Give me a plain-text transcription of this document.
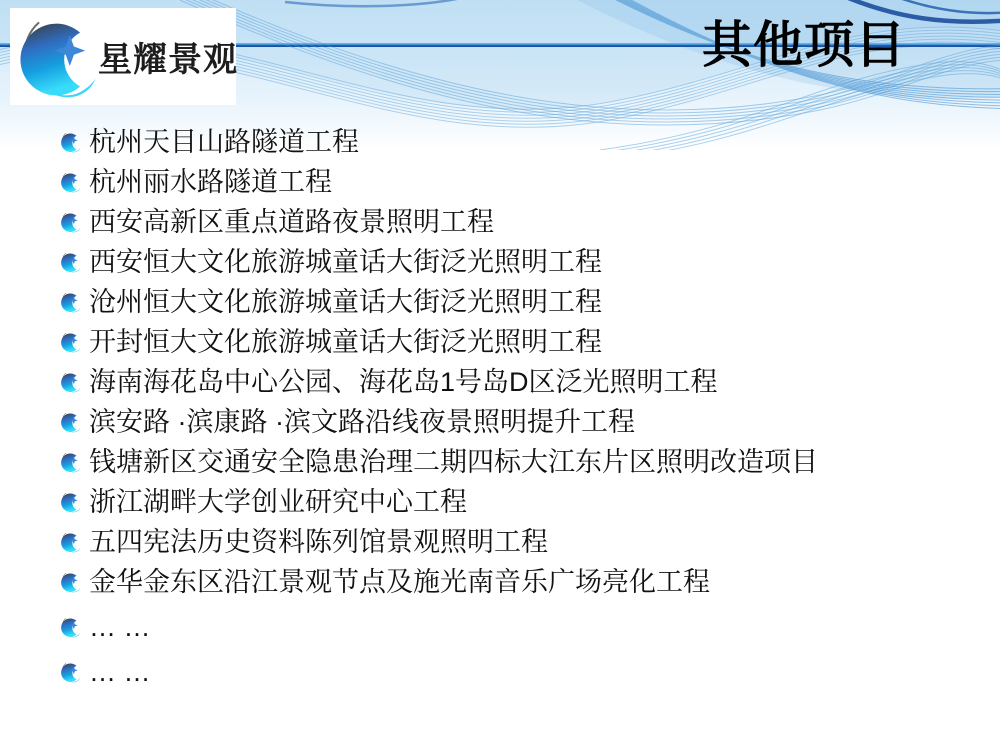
星耀景观	其他项目
杭州天目山路隧道工程
杭州丽水路隧道工程
西安高新区重点道路夜景照明工程
西安恒大文化旅游城童话大街泛光照明工程
沧州恒大文化旅游城童话大街泛光照明工程
开封恒大文化旅游城童话大街泛光照明工程
海南海花岛中心公园、海花岛1号岛D区泛光照明工程
滨安路 ·滨康路 ·滨文路沿线夜景照明提升工程
钱塘新区交通安全隐患治理二期四标大江东片区照明改造项目
浙江湖畔大学创业研究中心工程
五四宪法历史资料陈列馆景观照明工程
金华金东区沿江景观节点及施光南音乐广场亮化工程
… …
… …
